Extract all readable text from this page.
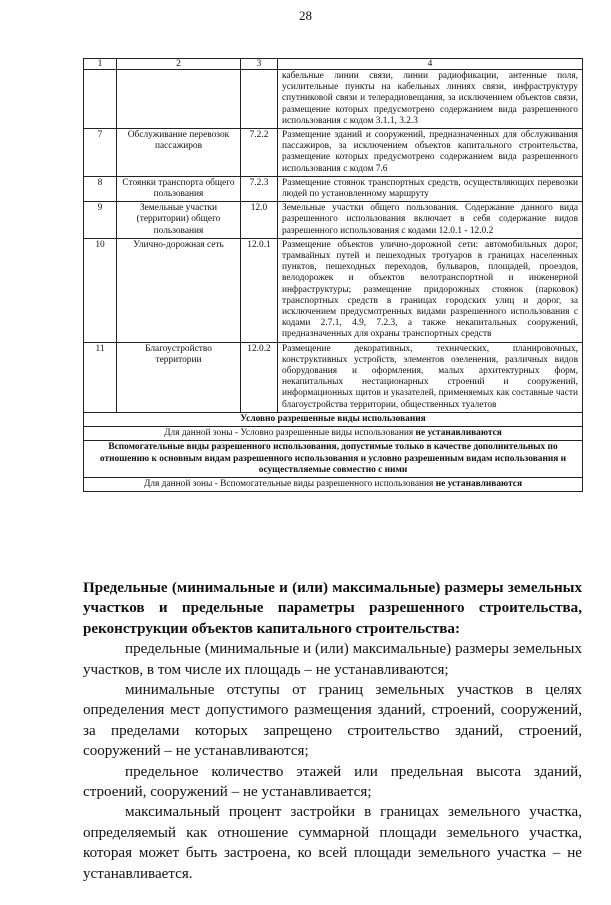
28
1	2	3	4
			кабельные линии связи, линии радиофикации, антенные поля, усилительные пункты на кабельных линиях связи, инфраструктуру спутниковой связи и телерадиовещания, за исключением объектов связи, размещение которых предусмотрено содержанием вида разрешенного использования с кодом 3.1.1, 3.2.3
7	Обслуживание перевозок пассажиров	7.2.2	Размещение зданий и сооружений, предназначенных для обслуживания пассажиров, за исключением объектов капитального строительства, размещение которых предусмотрено содержанием вида разрешенного использования с кодом 7.6
8	Стоянки транспорта общего пользования	7.2.3	Размещение стоянок транспортных средств, осуществляющих перевозки людей по установленному маршруту
9	Земельные участки (территории) общего пользования	12.0	Земельные участки общего пользования. Содержание данного вида разрешенного использования включает в себя содержание видов разрешенного использования с кодами 12.0.1 - 12.0.2
10	Улично-дорожная сеть	12.0.1	Размещение объектов улично-дорожной сети: автомобильных дорог, трамвайных путей и пешеходных тротуаров в границах населенных пунктов, пешеходных переходов, бульваров, площадей, проездов, велодорожек и объектов велотранспортной и инженерной инфраструктуры; размещение придорожных стоянок (парковок) транспортных средств в границах городских улиц и дорог, за исключением предусмотренных видами разрешенного использования с кодами 2.7.1, 4.9, 7.2.3, а также некапитальных сооружений, предназначенных для охраны транспортных средств
11	Благоустройство территории	12.0.2	Размещение декоративных, технических, планировочных, конструктивных устройств, элементов озеленения, различных видов оборудования и оформления, малых архитектурных форм, некапитальных нестационарных строений и сооружений, информационных щитов и указателей, применяемых как составные части благоустройства территории, общественных туалетов
Условно разрешенные виды использования			
Для данной зоны - Условно разрешенные виды использования не устанавливаются			
Вспомогательные виды разрешенного использования, допустимые только в качестве дополнительных по отношению к основным видам разрешенного использования и условно разрешенным видам использования и осуществляемые совместно с ними			
Для данной зоны - Вспомогательные виды разрешенного использования не устанавливаются			

Предельные (минимальные и (или) максимальные) размеры земельных участков и предельные параметры разрешенного строительства, реконструкции объектов капитального строительства:

предельные (минимальные и (или) максимальные) размеры земельных участков, в том числе их площадь – не устанавливаются;

минимальные отступы от границ земельных участков в целях определения мест допустимого размещения зданий, строений, сооружений, за пределами которых запрещено строительство зданий, строений, сооружений – не устанавливаются;

предельное количество этажей или предельная высота зданий, строений, сооружений – не устанавливается;

максимальный процент застройки в границах земельного участка, определяемый как отношение суммарной площади земельного участка, которая может быть застроена, ко всей площади земельного участка – не устанавливается.
